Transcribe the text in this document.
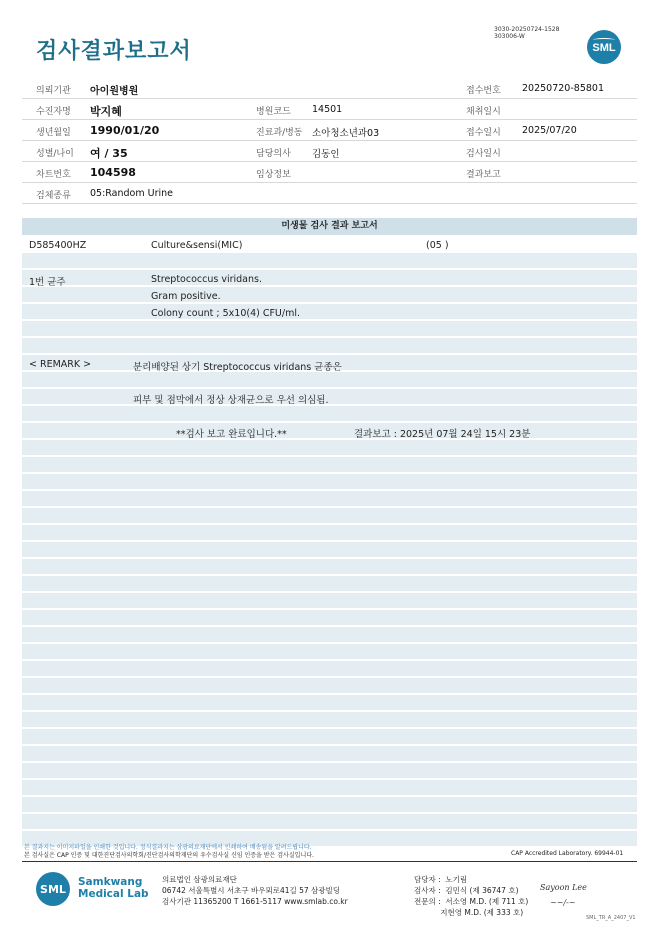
검사결과보고서
3030-20250724-1528
303006-W
SML
의뢰기관 아이원병원	접수번호 20250720-85801
수진자명 박지혜	병원코드 14501	채취일시
생년월일 1990/01/20	진료과/병동 소아청소년과03	접수일시 2025/07/20
성별/나이 여 / 35	담당의사 김동인	검사일시
차트번호 104598	임상정보	결과보고
검체종류 05:Random Urine
미생물 검사 결과 보고서
D585400HZ	Culture&sensi(MIC)	(05 )
1번 균주	Streptococcus viridans.
Gram positive.
Colony count ; 5x10(4) CFU/ml.
< REMARK >	분리배양된 상기 Streptococcus viridans 균종은
피부 및 점막에서 정상 상재균으로 우선 의심됨.
**검사 보고 완료입니다.**	결과보고 : 2025년 07월 24일 15시 23분
본 결과지는 이미지파일을 인쇄한 것입니다. 정식결과지는 삼광의료재단에서 인쇄하여 배송됨을 알려드립니다.
본 검사실은 CAP 인증 및 대한진단검사의학회/진단검사의학재단의 우수검사실 신임 인증을 받은 검사실입니다.	CAP Accredited Laboratory. 69944-01
SML
Samkwang
Medical Lab
의료법인 삼광의료재단
06742 서울특별시 서초구 바우뫼로41길 57 삼광빌딩
검사기관 11365200 T 1661-5117 www.smlab.co.kr
담당자 :  노기림
검사자 :  김민식 (제 36747 호)
전문의 :  서소영 M.D. (제 711 호)
지현영 M.D. (제 333 호)
Sayoon Lee
~~/-~
SML_TR_A_2407_V1
